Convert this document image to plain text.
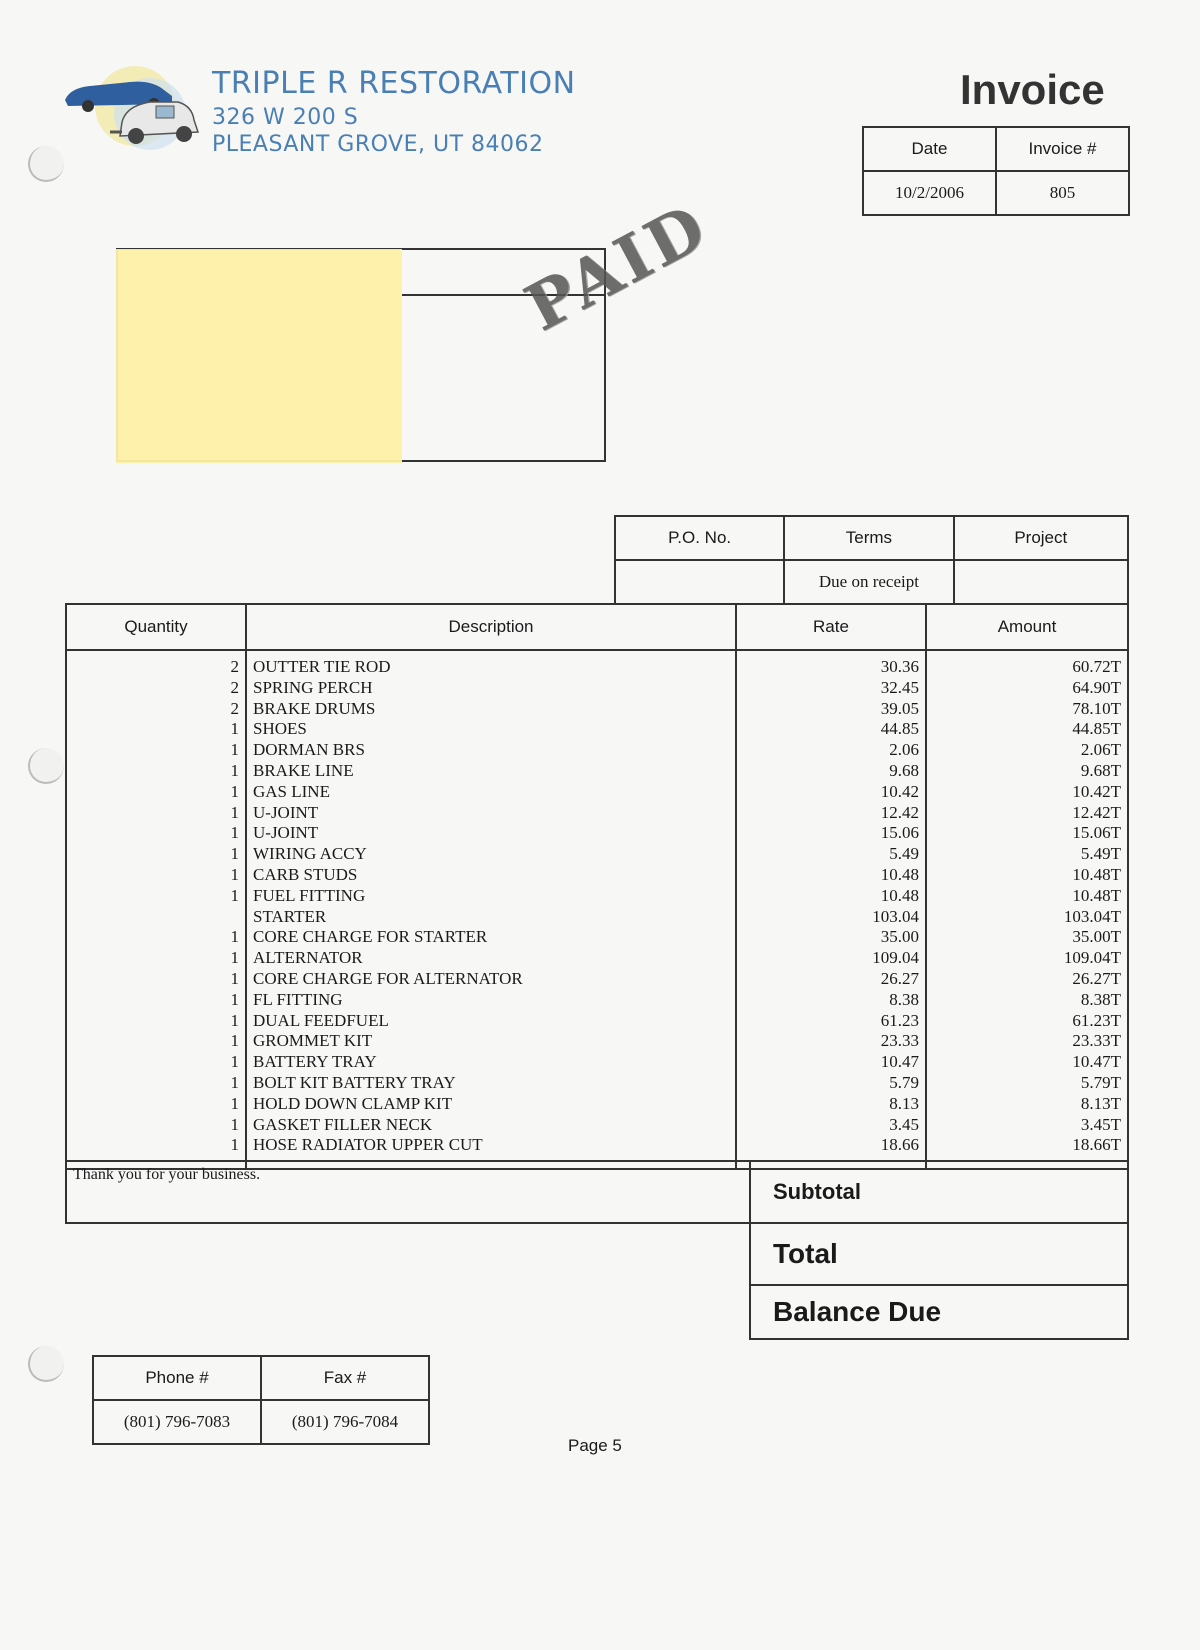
TRIPLE R RESTORATION
326 W 200 S
PLEASANT GROVE, UT 84062
Invoice
Date	Invoice #
10/2/2006	805
PAID
P.O. No.	Terms	Project
	Due on receipt	
Quantity	Description	Rate	Amount
2	OUTTER TIE ROD	30.36	60.72T
2	SPRING PERCH	32.45	64.90T
2	BRAKE DRUMS	39.05	78.10T
1	SHOES	44.85	44.85T
1	DORMAN BRS	2.06	2.06T
1	BRAKE LINE	9.68	9.68T
1	GAS LINE	10.42	10.42T
1	U-JOINT	12.42	12.42T
1	U-JOINT	15.06	15.06T
1	WIRING ACCY	5.49	5.49T
1	CARB STUDS	10.48	10.48T
1	FUEL FITTING	10.48	10.48T
	STARTER	103.04	103.04T
1	CORE CHARGE FOR STARTER	35.00	35.00T
1	ALTERNATOR	109.04	109.04T
1	CORE CHARGE FOR ALTERNATOR	26.27	26.27T
1	FL FITTING	8.38	8.38T
1	DUAL FEEDFUEL	61.23	61.23T
1	GROMMET KIT	23.33	23.33T
1	BATTERY TRAY	10.47	10.47T
1	BOLT KIT BATTERY TRAY	5.79	5.79T
1	HOLD DOWN CLAMP KIT	8.13	8.13T
1	GASKET FILLER NECK	3.45	3.45T
1	HOSE RADIATOR UPPER CUT	18.66	18.66T
Thank you for your business.	Subtotal
	Total
	Balance Due
Phone #	Fax #
(801) 796-7083	(801) 796-7084
Page 5
